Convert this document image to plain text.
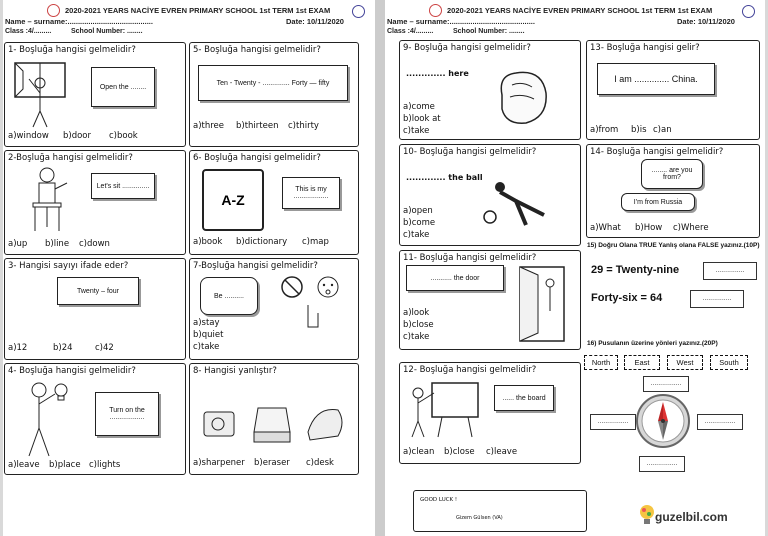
2020-2021 YEARS NACİYE EVREN PRIMARY SCHOOL 1st TERM 1st EXAM
Name – surname:.........................................	Date: 10/11/2020
Class :4/.........	School Number: ........
1- Boşluğa hangisi gelmelidir?
Open the ........
a)window b)door c)book
5- Boşluğa hangisi gelmelidir?
Ten - Twenty - .............. Forty — fifty
a)three b)thirteen c)thirty
2-Boşluğa hangisi gelmelidir?
Let's sit ..............
a)up b)line c)down
6- Boşluğa hangisi gelmelidir?
A-Z
This is my ..................
a)book b)dictionary c)map
3- Hangisi sayıyı ifade eder?
Twenty – four
a)12	b)24	c)42
7-Boşluğa hangisi gelmelidir?
Be ..........
a)stay
b)quiet
c)take
4- Boşluğa hangisi gelmelidir?
Turn on the ..................
a)leave b)place c)lights
8- Hangisi yanlıştır?
a)sharpener b)eraser c)desk
2020-2021 YEARS NACİYE EVREN PRIMARY SCHOOL 1st TERM 1st EXAM
Name – surname:.........................................	Date: 10/11/2020
Class :4/.........	School Number: ........
9- Boşluğa hangisi gelmelidir?
............. here
a)come
b)look at
c)take
13- Boşluğa hangisi gelir?
I am .............. China.
a)from b)is c)an
10- Boşluğa hangisi gelmelidir?
............. the ball
a)open
b)come
c)take
14- Boşluğa hangisi gelmelidir?
........ are you from?
I'm from Russia
a)What b)How c)Where
15) Doğru Olana TRUE Yanlış olana FALSE yazınız.(10P)
29 = Twenty-nine	...............
Forty-six = 64	...............
16) Pusulanın üzerine yönleri yazınız.(20P)
North	East	West	South
................
................	................
................
11- Boşluğa hangisi gelmelidir?
........... the door
a)look
b)close
c)take
12- Boşluğa hangisi gelmelidir?
...... the board
a)clean b)close c)leave
GOOD LUCK !
Gizem Gülsen (VA)	guzelbil.com
